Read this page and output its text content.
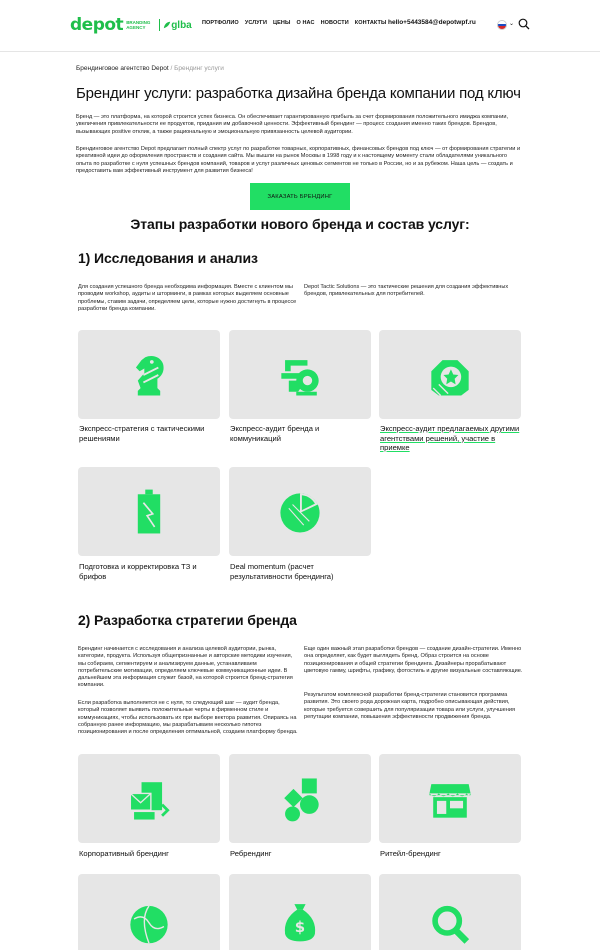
depot BRANDING AGENCY	glba ПОРТФОЛИО УСЛУГИ ЦЕНЫ О НАС НОВОСТИ КОНТАКТЫ hello+5443584@depotwpf.ru	⌄
Брендинговое агентство Depot / Брендинг услуги
Брендинг услуги: разработка дизайна бренда компании под ключ

Бренд — это платформа, на которой строится успех бизнеса. Он обеспечивает гарантированную прибыль за счет формирования положительного имиджа компании, увеличения привлекательности ее продуктов, придания им добавочной ценности. Эффективный брендинг — процесс создания именно таких брендов. Брендов, вызывающих positive отклик, а также рациональную и эмоциональную привязанность целевой аудитории.

Брендинговое агентство Depot предлагает полный спектр услуг по разработке товарных, корпоративных, финансовых брендов под ключ — от формирования стратегии и креативной идеи до оформления пространств и создания сайта. Мы вышли на рынок Москвы в 1998 году и к настоящему моменту стали обладателями уникального опыта по разработке с нуля успешных брендов компаний, товаров и услуг различных ценовых сегментов не только в России, но и за рубежом. Наша цель — создать и предоставить вам эффективный инструмент для развития бизнеса!

ЗАКАЗАТЬ БРЕНДИНГ
Этапы разработки нового бренда и состав услуг:
1) Исследования и анализ

Для создания успешного бренда необходима информация. Вместе с клиентом мы проводим workshop, аудиты и шторминги, в рамках которых выделяем основные проблемы, ставим задачи, определяем цели, которые нужно достигнуть в процессе разработки бренда компании.

Depot Tactic Solutions — это тактические решения для создания эффективных брендов, привлекательных для потребителей.

Экспресс-стратегия с тактическими решениями
Экспресс-аудит бренда и коммуникаций
Экспресс-аудит предлагаемых другими агентствами решений, участие в приемке
Подготовка и корректировка ТЗ и брифов
Deal momentum (расчет результативности брендинга)
2) Разработка стратегии бренда

Брендинг начинается с исследования и анализа целевой аудитории, рынка, категории, продукта. Используя общепризнанные и авторские методики изучения, мы собираем, сегментируем и анализируем данные, устанавливаем потребительские мотивации, определяем ключевые коммуникационные идеи. В дальнейшем эта информация служит базой, на которой строится бренд-стратегия компании.

Если разработка выполняется не с нуля, то следующий шаг — аудит бренда, который позволяет выявить положительные черты в фирменном стиле и коммуникациях, чтобы использовать их при выборе вектора развития. Опираясь на собранную ранее информацию, мы разрабатываем несколько гипотез позиционирования и после определения оптимальной, создаем платформу бренда.

Еще один важный этап разработки брендов — создание дизайн-стратегии. Именно она определяет, как будет выглядеть бренд. Образ строится на основе позиционирования и общей стратегии брендинга. Дизайнеры прорабатывают цветовую гамму, шрифты, графику, фотостиль и другие визуальные составляющие.

Результатом комплексной разработки бренд-стратегии становится программа развития. Это своего рода дорожная карта, подробно описывающая действия, которые требуется совершить для популяризации товара или услуги, улучшения репутации компании, повышения эффективности продвижения бренда.

Корпоративный брендинг	Ребрендинг	Ритейл-брендинг
$
